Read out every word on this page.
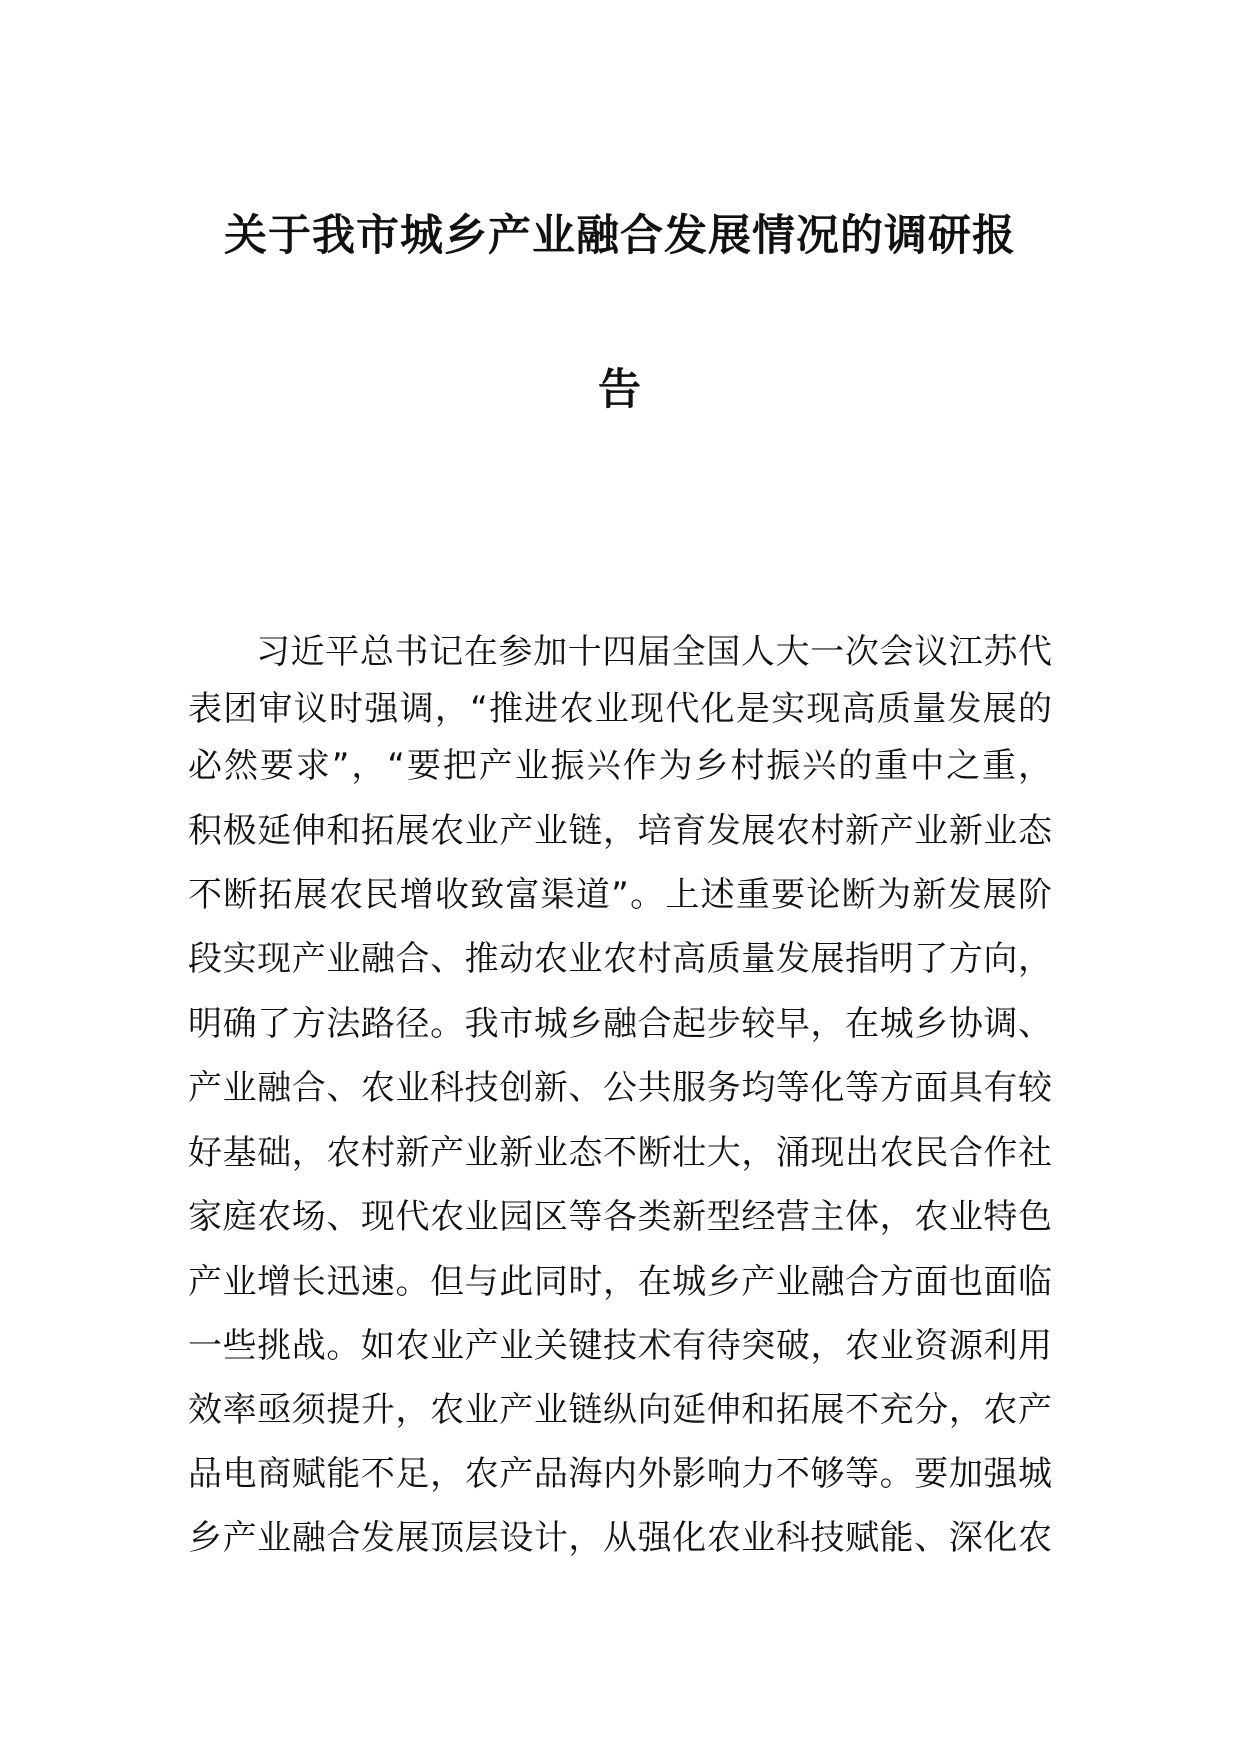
关于我市城乡产业融合发展情况的调研报
告
习近平总书记在参加十四届全国人大一次会议江苏代
表团审议时强调，“推进农业现代化是实现高质量发展的
必然要求”，“要把产业振兴作为乡村振兴的重中之重，
积极延伸和拓展农业产业链，培育发展农村新产业新业态
不断拓展农民增收致富渠道”。上述重要论断为新发展阶
段实现产业融合、推动农业农村高质量发展指明了方向，
明确了方法路径。我市城乡融合起步较早，在城乡协调、
产业融合、农业科技创新、公共服务均等化等方面具有较
好基础，农村新产业新业态不断壮大，涌现出农民合作社
家庭农场、现代农业园区等各类新型经营主体，农业特色
产业增长迅速。但与此同时，在城乡产业融合方面也面临
一些挑战。如农业产业关键技术有待突破，农业资源利用
效率亟须提升，农业产业链纵向延伸和拓展不充分，农产
品电商赋能不足，农产品海内外影响力不够等。要加强城
乡产业融合发展顶层设计，从强化农业科技赋能、深化农
